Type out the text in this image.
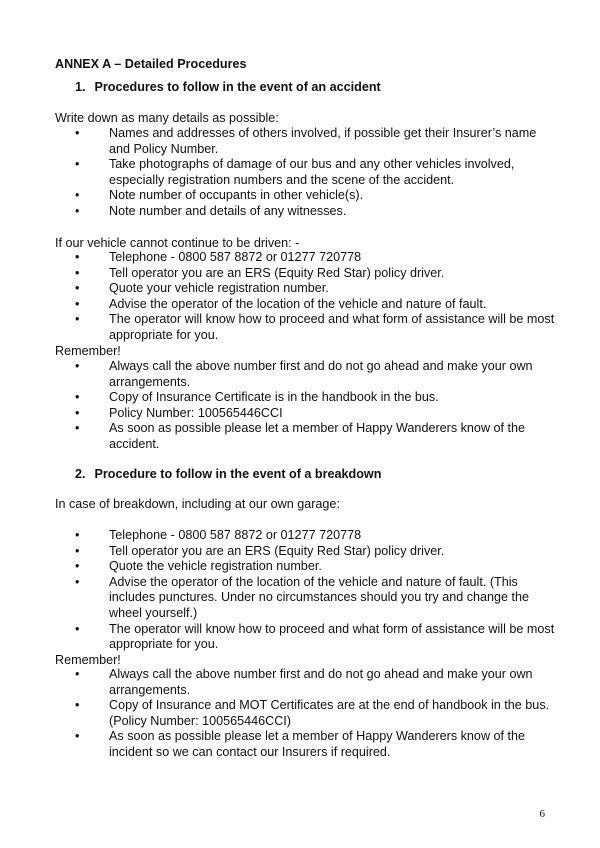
ANNEX A – Detailed Procedures
1. Procedures to follow in the event of an accident
Write down as many details as possible:
• Names and addresses of others involved, if possible get their Insurer’s name and Policy Number.
• Take photographs of damage of our bus and any other vehicles involved, especially registration numbers and the scene of the accident.
• Note number of occupants in other vehicle(s).
• Note number and details of any witnesses.
If our vehicle cannot continue to be driven: -
• Telephone - 0800 587 8872 or 01277 720778
• Tell operator you are an ERS (Equity Red Star) policy driver.
• Quote your vehicle registration number.
• Advise the operator of the location of the vehicle and nature of fault.
• The operator will know how to proceed and what form of assistance will be most appropriate for you.
Remember!
• Always call the above number first and do not go ahead and make your own arrangements.
• Copy of Insurance Certificate is in the handbook in the bus.
• Policy Number: 100565446CCI
• As soon as possible please let a member of Happy Wanderers know of the accident.
2. Procedure to follow in the event of a breakdown
In case of breakdown, including at our own garage:
• Telephone - 0800 587 8872 or 01277 720778
• Tell operator you are an ERS (Equity Red Star) policy driver.
• Quote the vehicle registration number.
• Advise the operator of the location of the vehicle and nature of fault. (This includes punctures. Under no circumstances should you try and change the wheel yourself.)
• The operator will know how to proceed and what form of assistance will be most appropriate for you.
Remember!
• Always call the above number first and do not go ahead and make your own arrangements.
• Copy of Insurance and MOT Certificates are at the end of handbook in the bus. (Policy Number: 100565446CCI)
• As soon as possible please let a member of Happy Wanderers know of the incident so we can contact our Insurers if required.
6
